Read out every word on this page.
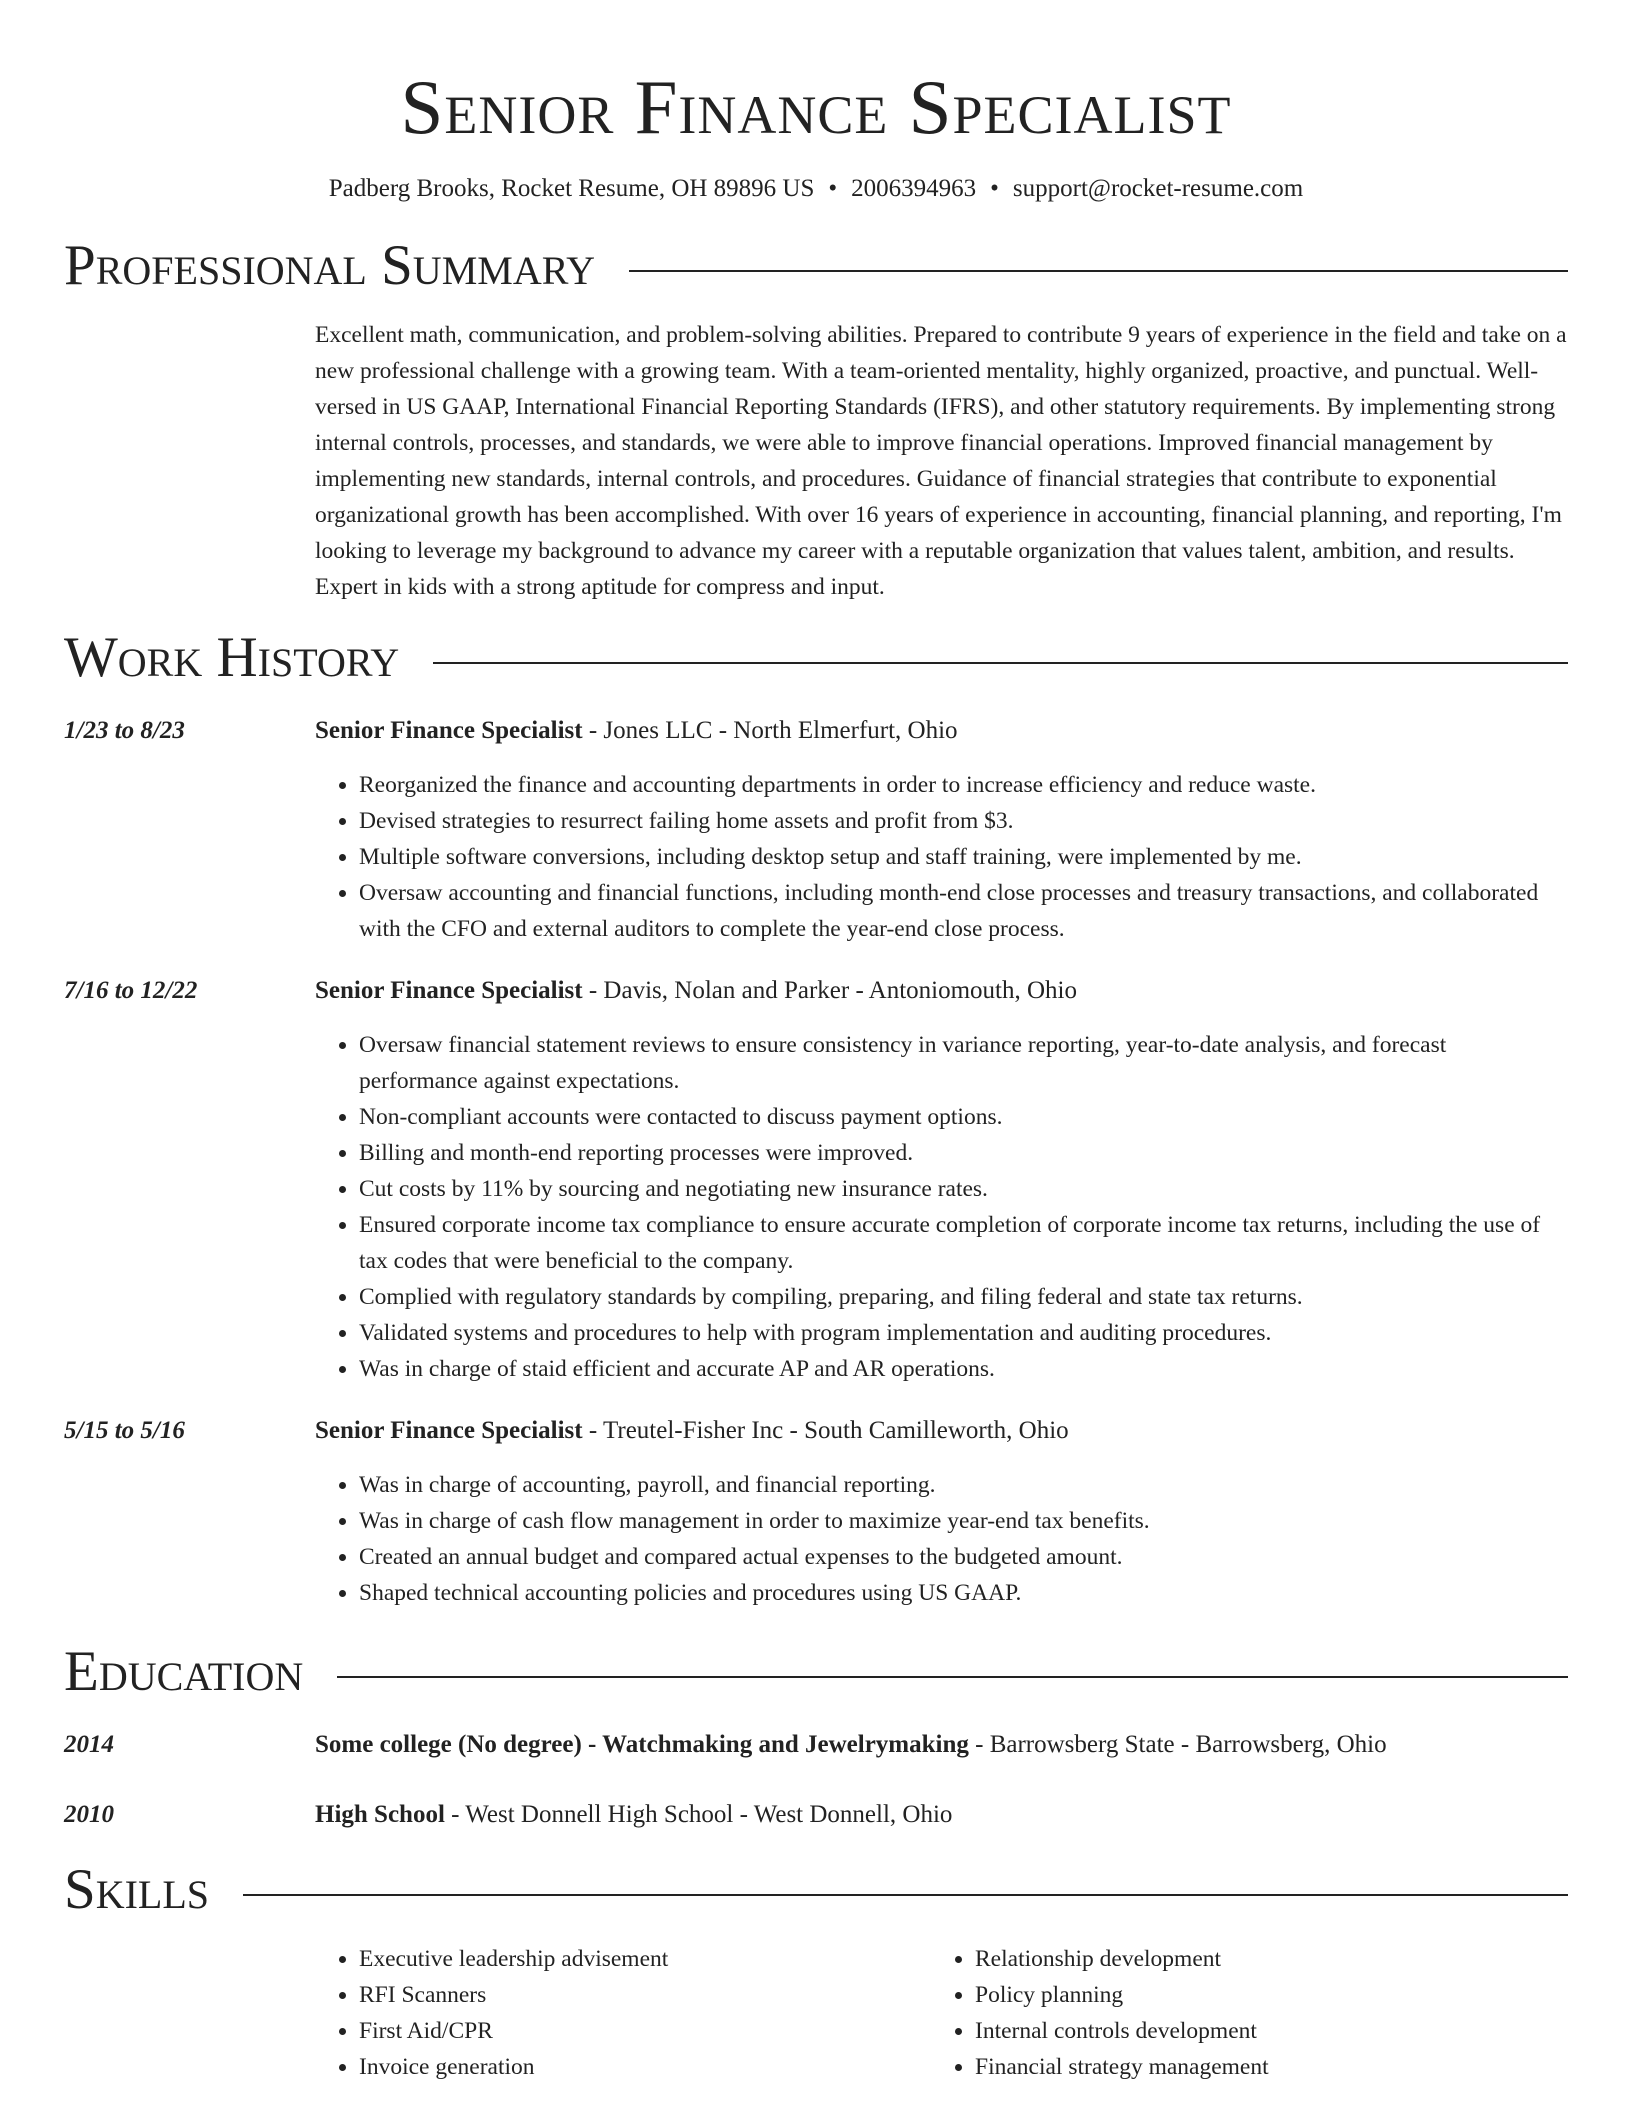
Senior Finance Specialist
Padberg Brooks, Rocket Resume, OH 89896 US • 2006394963 • support@rocket-resume.com
Professional Summary
Excellent math, communication, and problem-solving abilities. Prepared to contribute 9 years of experience in the field and take on a new professional challenge with a growing team. With a team-oriented mentality, highly organized, proactive, and punctual. Well-versed in US GAAP, International Financial Reporting Standards (IFRS), and other statutory requirements. By implementing strong internal controls, processes, and standards, we were able to improve financial operations. Improved financial management by implementing new standards, internal controls, and procedures. Guidance of financial strategies that contribute to exponential organizational growth has been accomplished. With over 16 years of experience in accounting, financial planning, and reporting, I'm looking to leverage my background to advance my career with a reputable organization that values talent, ambition, and results. Expert in kids with a strong aptitude for compress and input.
Work History
1/23 to 8/23	Senior Finance Specialist - Jones LLC - North Elmerfurt, Ohio
• Reorganized the finance and accounting departments in order to increase efficiency and reduce waste.
• Devised strategies to resurrect failing home assets and profit from $3.
• Multiple software conversions, including desktop setup and staff training, were implemented by me.
• Oversaw accounting and financial functions, including month-end close processes and treasury transactions, and collaborated with the CFO and external auditors to complete the year-end close process.
7/16 to 12/22	Senior Finance Specialist - Davis, Nolan and Parker - Antoniomouth, Ohio
• Oversaw financial statement reviews to ensure consistency in variance reporting, year-to-date analysis, and forecast performance against expectations.
• Non-compliant accounts were contacted to discuss payment options.
• Billing and month-end reporting processes were improved.
• Cut costs by 11% by sourcing and negotiating new insurance rates.
• Ensured corporate income tax compliance to ensure accurate completion of corporate income tax returns, including the use of tax codes that were beneficial to the company.
• Complied with regulatory standards by compiling, preparing, and filing federal and state tax returns.
• Validated systems and procedures to help with program implementation and auditing procedures.
• Was in charge of staid efficient and accurate AP and AR operations.
5/15 to 5/16	Senior Finance Specialist - Treutel-Fisher Inc - South Camilleworth, Ohio
• Was in charge of accounting, payroll, and financial reporting.
• Was in charge of cash flow management in order to maximize year-end tax benefits.
• Created an annual budget and compared actual expenses to the budgeted amount.
• Shaped technical accounting policies and procedures using US GAAP.
Education
2014	Some college (No degree) - Watchmaking and Jewelrymaking - Barrowsberg State - Barrowsberg, Ohio
2010	High School - West Donnell High School - West Donnell, Ohio
Skills
• Executive leadership advisement
• RFI Scanners
• First Aid/CPR
• Invoice generation
• Relationship development
• Policy planning
• Internal controls development
• Financial strategy management
